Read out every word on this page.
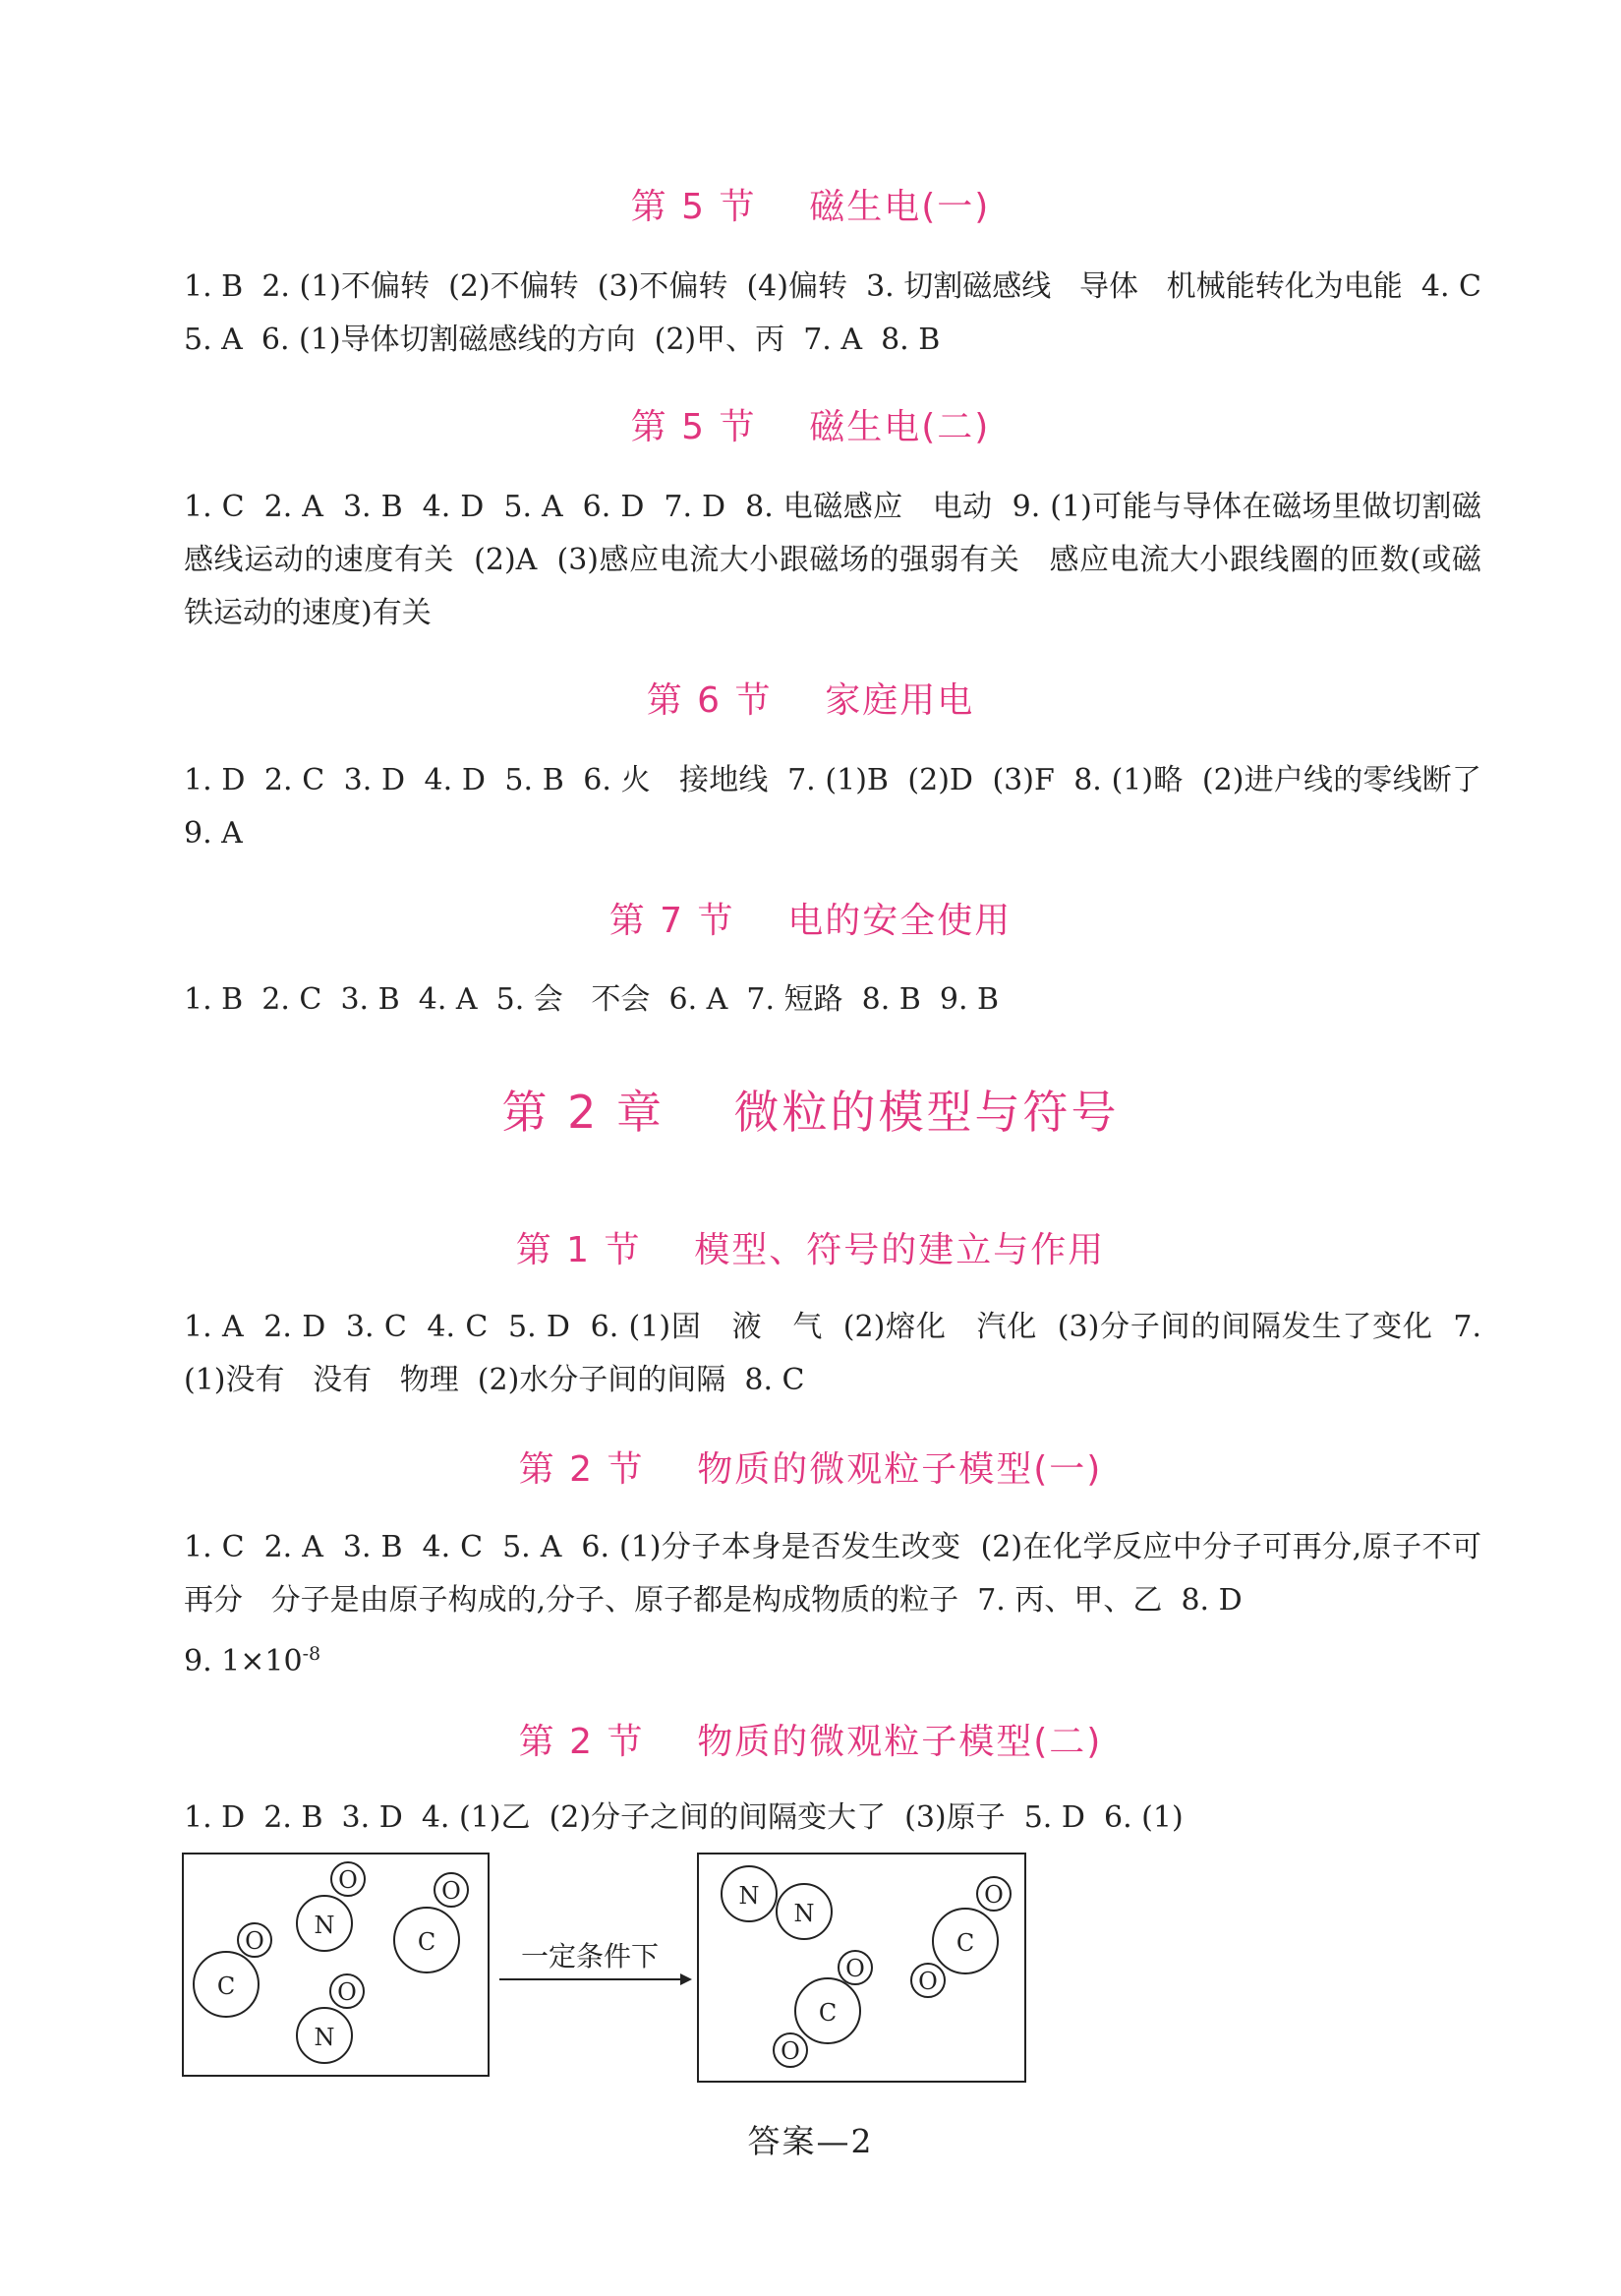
第 5 节    磁生电(一)

1. B  2. (1)不偏转  (2)不偏转  (3)不偏转  (4)偏转  3. 切割磁感线   导体   机械能转化为电能  4. C  5. A  6. (1)导体切割磁感线的方向  (2)甲、丙  7. A  8. B

第 5 节    磁生电(二)

1. C  2. A  3. B  4. D  5. A  6. D  7. D  8. 电磁感应   电动  9. (1)可能与导体在磁场里做切割磁感线运动的速度有关  (2)A  (3)感应电流大小跟磁场的强弱有关   感应电流大小跟线圈的匝数(或磁铁运动的速度)有关

第 6 节    家庭用电

1. D  2. C  3. D  4. D  5. B  6. 火   接地线  7. (1)B  (2)D  (3)F  8. (1)略  (2)进户线的零线断了  9. A

第 7 节    电的安全使用

1. B  2. C  3. B  4. A  5. 会   不会  6. A  7. 短路  8. B  9. B

第 2 章    微粒的模型与符号
第 1 节    模型、符号的建立与作用

1. A  2. D  3. C  4. C  5. D  6. (1)固   液   气  (2)熔化   汽化  (3)分子间的间隔发生了变化  7. (1)没有   没有   物理  (2)水分子间的间隔  8. C

第 2 节    物质的微观粒子模型(一)

1. C  2. A  3. B  4. C  5. A  6. (1)分子本身是否发生改变  (2)在化学反应中分子可再分,原子不可再分   分子是由原子构成的,分子、原子都是构成物质的粒子  7. 丙、甲、乙  8. D

9. $1\times 10^{-8}$

第 2 节    物质的微观粒子模型(二)

1. D  2. B  3. D  4. (1)乙  (2)分子之间的间隔变大了  (3)原子  5. D  6. (1)

一定条件下
O
N
O
C
O
C	O
N
N
N
O
C
O
O
C
O
答案—2
